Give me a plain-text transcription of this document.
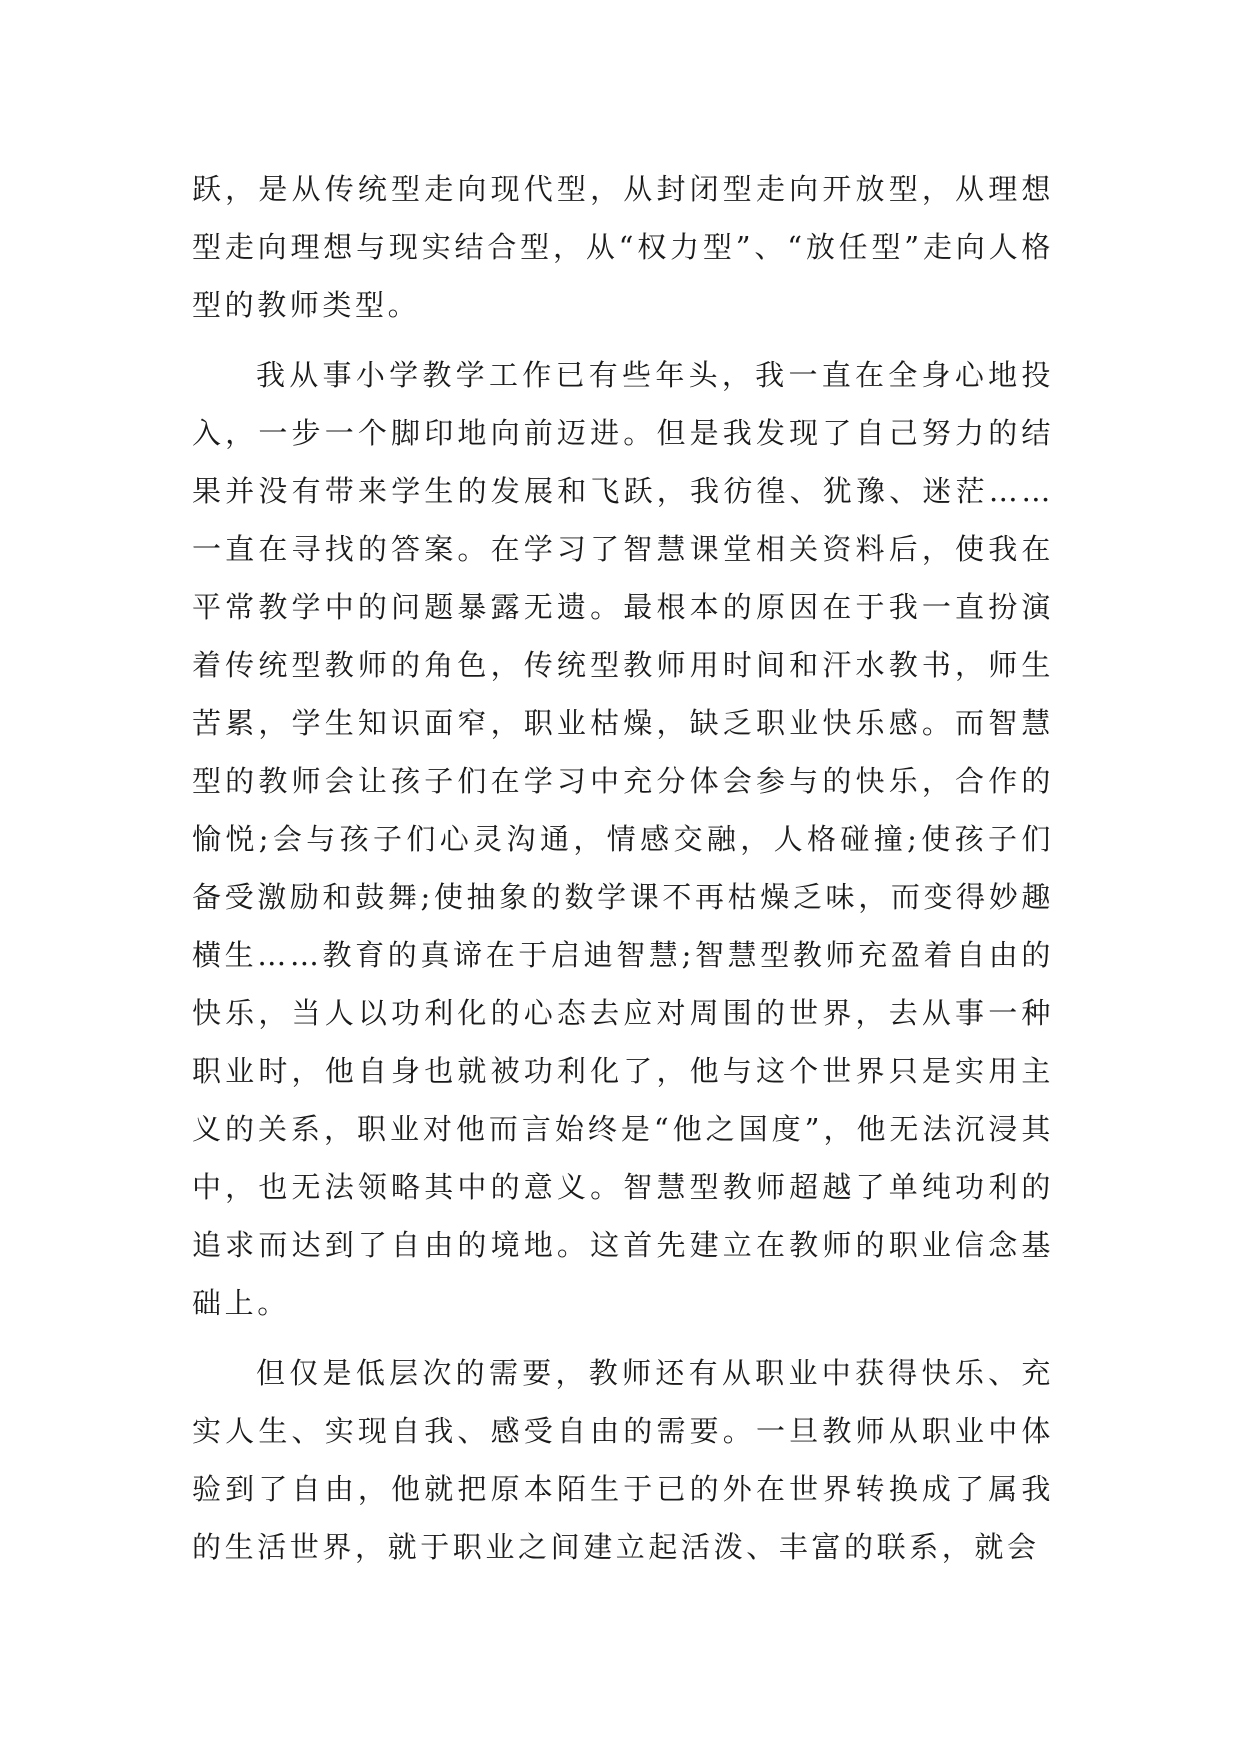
跃，是从传统型走向现代型，从封闭型走向开放型，从理想型走向理想与现实结合型，从“权力型”、“放任型”走向人格型的教师类型。

我从事小学教学工作已有些年头，我一直在全身心地投入，一步一个脚印地向前迈进。但是我发现了自己努力的结果并没有带来学生的发展和飞跃，我彷徨、犹豫、迷茫……一直在寻找的答案。在学习了智慧课堂相关资料后，使我在平常教学中的问题暴露无遗。最根本的原因在于我一直扮演着传统型教师的角色，传统型教师用时间和汗水教书，师生苦累，学生知识面窄，职业枯燥，缺乏职业快乐感。而智慧型的教师会让孩子们在学习中充分体会参与的快乐，合作的愉悦;会与孩子们心灵沟通，情感交融，人格碰撞;使孩子们备受激励和鼓舞;使抽象的数学课不再枯燥乏味，而变得妙趣横生……教育的真谛在于启迪智慧;智慧型教师充盈着自由的快乐，当人以功利化的心态去应对周围的世界，去从事一种职业时，他自身也就被功利化了，他与这个世界只是实用主义的关系，职业对他而言始终是“他之国度”，他无法沉浸其中，也无法领略其中的意义。智慧型教师超越了单纯功利的追求而达到了自由的境地。这首先建立在教师的职业信念基础上。

但仅是低层次的需要，教师还有从职业中获得快乐、充实人生、实现自我、感受自由的需要。一旦教师从职业中体验到了自由，他就把原本陌生于已的外在世界转换成了属我的生活世界，就于职业之间建立起活泼、丰富的联系，就会
